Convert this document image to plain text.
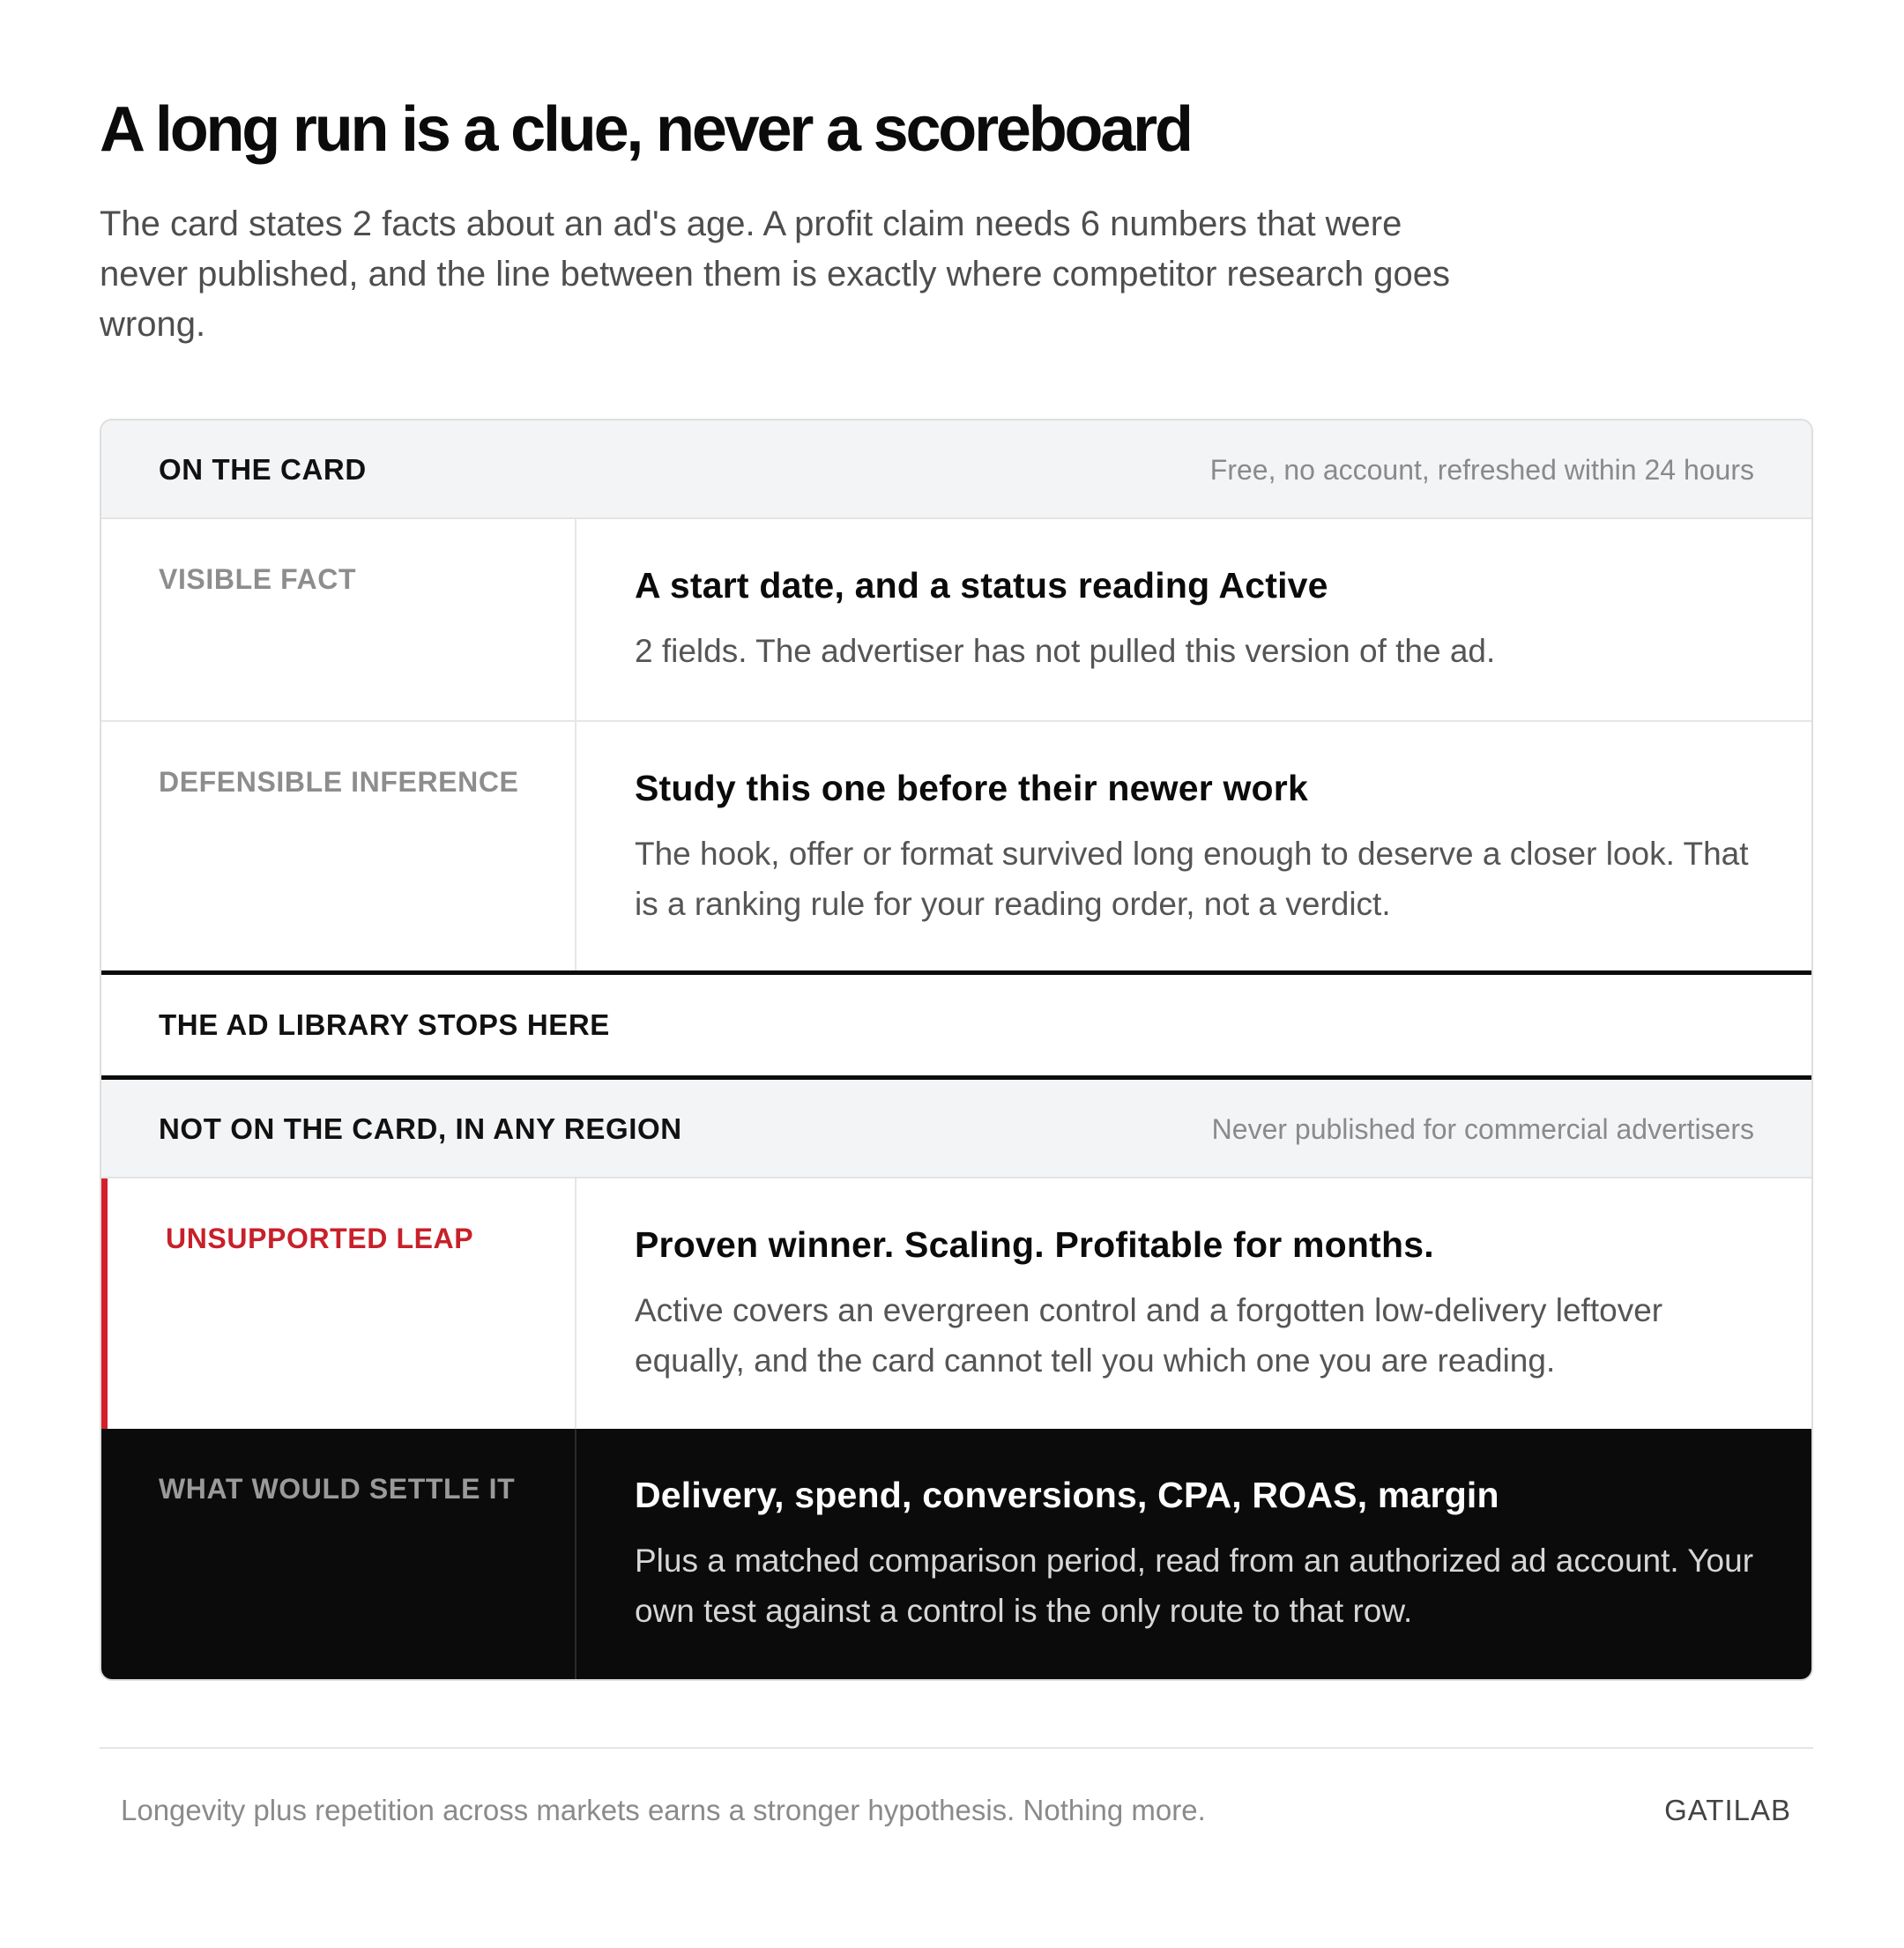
A long run is a clue, never a scoreboard

The card states 2 facts about an ad's age. A profit claim needs 6 numbers that were never published, and the line between them is exactly where competitor research goes wrong.

ON THE CARD	Free, no account, refreshed within 24 hours
VISIBLE FACT	A start date, and a status reading Active
2 fields. The advertiser has not pulled this version of the ad.
DEFENSIBLE INFERENCE	Study this one before their newer work
The hook, offer or format survived long enough to deserve a closer look. That is a ranking rule for your reading order, not a verdict.
THE AD LIBRARY STOPS HERE
NOT ON THE CARD, IN ANY REGION	Never published for commercial advertisers
UNSUPPORTED LEAP	Proven winner. Scaling. Profitable for months.
Active covers an evergreen control and a forgotten low-delivery leftover equally, and the card cannot tell you which one you are reading.
WHAT WOULD SETTLE IT	Delivery, spend, conversions, CPA, ROAS, margin
Plus a matched comparison period, read from an authorized ad account. Your own test against a control is the only route to that row.
Longevity plus repetition across markets earns a stronger hypothesis. Nothing more.	GATILAB
